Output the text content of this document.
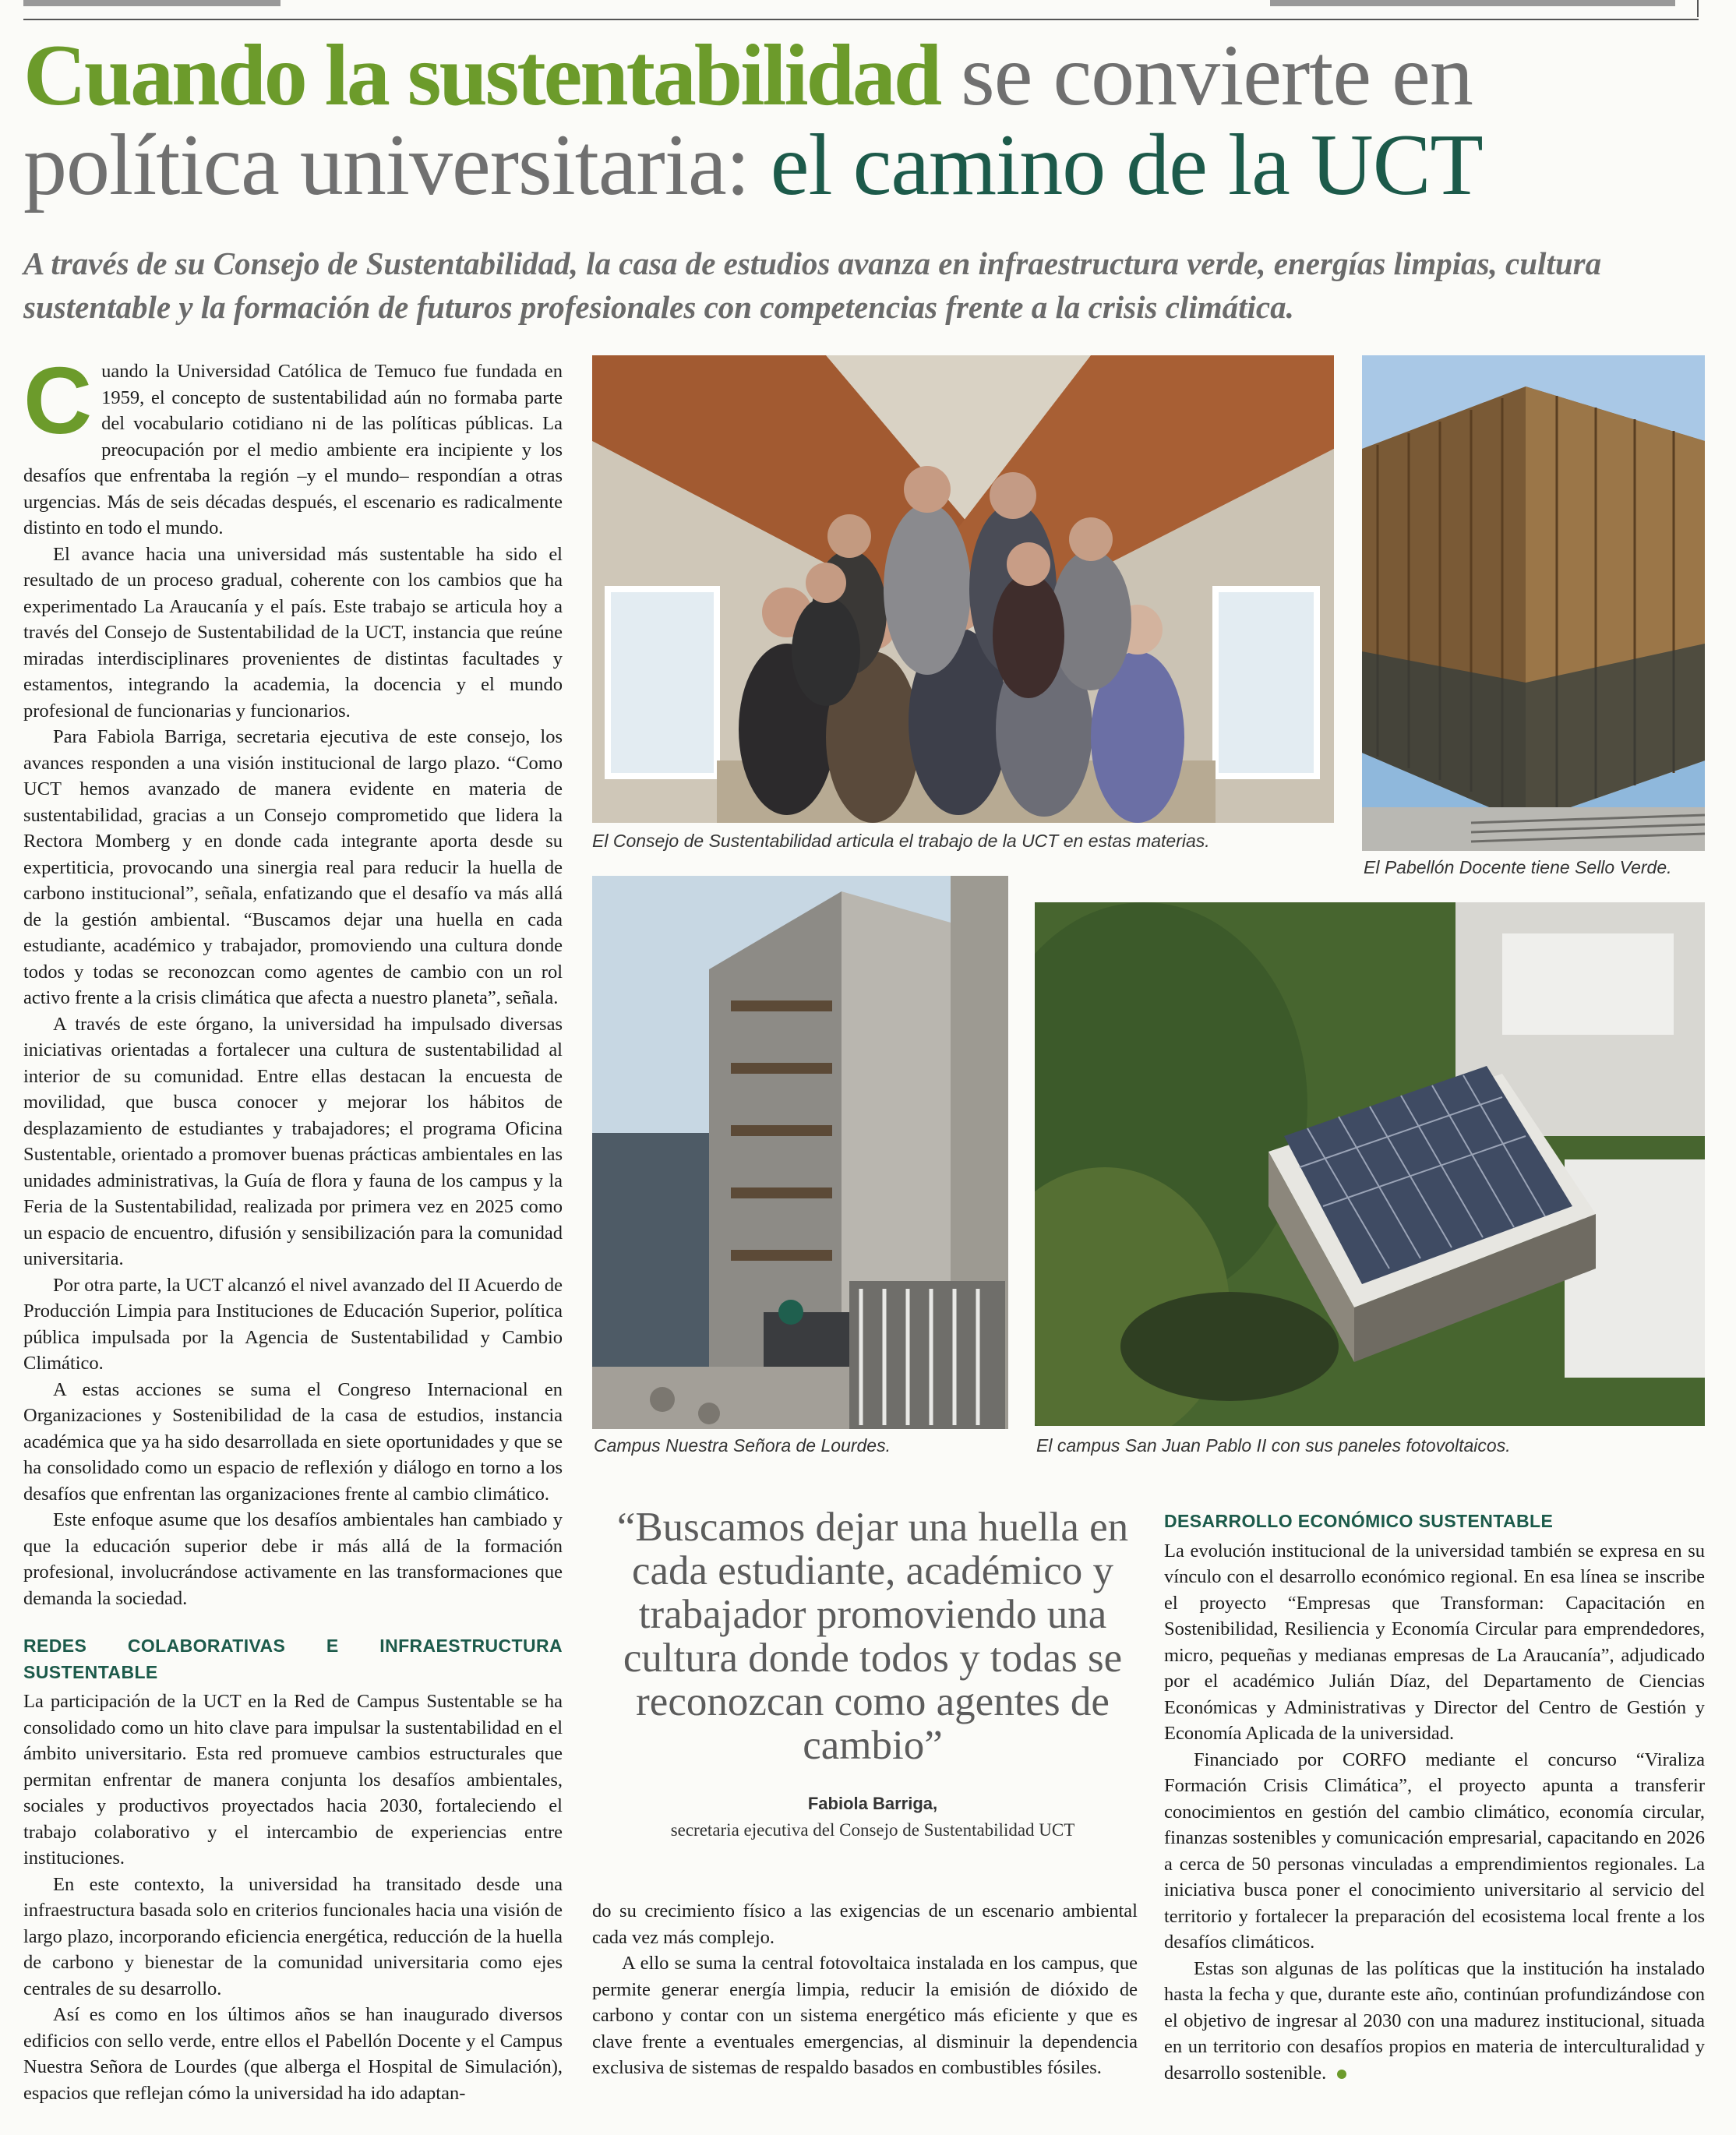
Cuando la sustentabilidad se convierte en política universitaria: el camino de la UCT

A través de su Consejo de Sustentabilidad, la casa de estudios avanza en infraestructura verde, energías limpias, cultura sustentable y la formación de futuros profesionales con competencias frente a la crisis climática.

Cuando la Universidad Católica de Temuco fue fundada en 1959, el concepto de sustentabilidad aún no formaba parte del vocabulario cotidiano ni de las políticas públicas. La preocupación por el medio ambiente era incipiente y los desafíos que enfrentaba la región –y el mundo– respondían a otras urgencias. Más de seis décadas después, el escenario es radicalmente distinto en todo el mundo.

El avance hacia una universidad más sustentable ha sido el resultado de un proceso gradual, coherente con los cambios que ha experimentado La Araucanía y el país. Este trabajo se articula hoy a través del Consejo de Sustentabilidad de la UCT, instancia que reúne miradas interdisciplinares provenientes de distintas facultades y estamentos, integrando la academia, la docencia y el mundo profesional de funcionarias y funcionarios.

Para Fabiola Barriga, secretaria ejecutiva de este consejo, los avances responden a una visión institucional de largo plazo. “Como UCT hemos avanzado de manera evidente en materia de sustentabilidad, gracias a un Consejo comprometido que lidera la Rectora Momberg y en donde cada integrante aporta desde su expertiticia, provocando una sinergia real para reducir la huella de carbono institucional”, señala, enfatizando que el desafío va más allá de la gestión ambiental. “Buscamos dejar una huella en cada estudiante, académico y trabajador, promoviendo una cultura donde todos y todas se reconozcan como agentes de cambio con un rol activo frente a la crisis climática que afecta a nuestro planeta”, señala.

A través de este órgano, la universidad ha impulsado diversas iniciativas orientadas a fortalecer una cultura de sustentabilidad al interior de su comunidad. Entre ellas destacan la encuesta de movilidad, que busca conocer y mejorar los hábitos de desplazamiento de estudiantes y trabajadores; el programa Oficina Sustentable, orientado a promover buenas prácticas ambientales en las unidades administrativas, la Guía de flora y fauna de los campus y la Feria de la Sustentabilidad, realizada por primera vez en 2025 como un espacio de encuentro, difusión y sensibilización para la comunidad universitaria.

Por otra parte, la UCT alcanzó el nivel avanzado del II Acuerdo de Producción Limpia para Instituciones de Educación Superior, política pública impulsada por la Agencia de Sustentabilidad y Cambio Climático.

A estas acciones se suma el Congreso Internacional en Organizaciones y Sostenibilidad de la casa de estudios, instancia académica que ya ha sido desarrollada en siete oportunidades y que se ha consolidado como un espacio de reflexión y diálogo en torno a los desafíos que enfrentan las organizaciones frente al cambio climático.

Este enfoque asume que los desafíos ambientales han cambiado y que la educación superior debe ir más allá de la formación profesional, involucrándose activamente en las transformaciones que demanda la sociedad.

REDES COLABORATIVAS E INFRAESTRUCTURA SUSTENTABLE

La participación de la UCT en la Red de Campus Sustentable se ha consolidado como un hito clave para impulsar la sustentabilidad en el ámbito universitario. Esta red promueve cambios estructurales que permitan enfrentar de manera conjunta los desafíos ambientales, sociales y productivos proyectados hacia 2030, fortaleciendo el trabajo colaborativo y el intercambio de experiencias entre instituciones.

En este contexto, la universidad ha transitado desde una infraestructura basada solo en criterios funcionales hacia una visión de largo plazo, incorporando eficiencia energética, reducción de la huella de carbono y bienestar de la comunidad universitaria como ejes centrales de su desarrollo.

Así es como en los últimos años se han inaugurado diversos edificios con sello verde, entre ellos el Pabellón Docente y el Campus Nuestra Señora de Lourdes (que alberga el Hospital de Simulación), espacios que reflejan cómo la universidad ha ido adaptan-

El Consejo de Sustentabilidad articula el trabajo de la UCT en estas materias.
El Pabellón Docente tiene Sello Verde.
Campus Nuestra Señora de Lourdes.	El campus San Juan Pablo II con sus paneles fotovoltaicos.

“Buscamos dejar una huella en cada estudiante, académico y trabajador promoviendo una cultura donde todos y todas se reconozcan como agentes de cambio”

Fabiola Barriga,

secretaria ejecutiva del Consejo de Sustentabilidad UCT

do su crecimiento físico a las exigencias de un escenario ambiental cada vez más complejo.

A ello se suma la central fotovoltaica instalada en los campus, que permite generar energía limpia, reducir la emisión de dióxido de carbono y contar con un sistema energético más eficiente y que es clave frente a eventuales emergencias, al disminuir la dependencia exclusiva de sistemas de respaldo basados en combustibles fósiles.

DESARROLLO ECONÓMICO SUSTENTABLE

La evolución institucional de la universidad también se expresa en su vínculo con el desarrollo económico regional. En esa línea se inscribe el proyecto “Empresas que Transforman: Capacitación en Sostenibilidad, Resiliencia y Economía Circular para emprendedores, micro, pequeñas y medianas empresas de La Araucanía”, adjudicado por el académico Julián Díaz, del Departamento de Ciencias Económicas y Administrativas y Director del Centro de Gestión y Economía Aplicada de la universidad.

Financiado por CORFO mediante el concurso “Viraliza Formación Crisis Climática”, el proyecto apunta a transferir conocimientos en gestión del cambio climático, economía circular, finanzas sostenibles y comunicación empresarial, capacitando en 2026 a cerca de 50 personas vinculadas a emprendimientos regionales. La iniciativa busca poner el conocimiento universitario al servicio del territorio y fortalecer la preparación del ecosistema local frente a los desafíos climáticos.

Estas son algunas de las políticas que la institución ha instalado hasta la fecha y que, durante este año, continúan profundizándose con el objetivo de ingresar al 2030 con una madurez institucional, situada en un territorio con desafíos propios en materia de interculturalidad y desarrollo sostenible.
